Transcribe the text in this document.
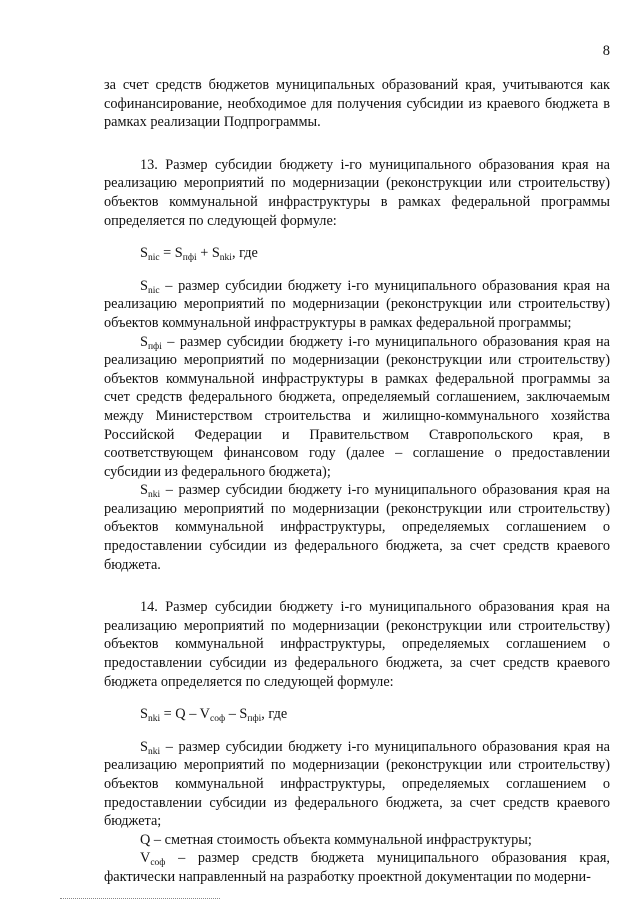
8

за счет средств бюджетов муниципальных образований края, учитываются как софинансирование, необходимое для получения субсидии из краевого бюджета в рамках реализации Подпрограммы.

13. Размер субсидии бюджету i-го муниципального образования края на реализацию мероприятий по модернизации (реконструкции или строительству) объектов коммунальной инфраструктуры в рамках федеральной программы определяется по следующей формуле:

$S_{nic} = S_{пфi} + S_{nki}$, где

$S_{nic}$ – размер субсидии бюджету i-го муниципального образования края на реализацию мероприятий по модернизации (реконструкции или строительству) объектов коммунальной инфраструктуры в рамках федеральной программы;

$S_{пфi}$ – размер субсидии бюджету i-го муниципального образования края на реализацию мероприятий по модернизации (реконструкции или строительству) объектов коммунальной инфраструктуры в рамках федеральной программы за счет средств федерального бюджета, определяемый соглашением, заключаемым между Министерством строительства и жилищно-коммунального хозяйства Российской Федерации и Правительством Ставропольского края, в соответствующем финансовом году (далее – соглашение о предоставлении субсидии из федерального бюджета);

$S_{nki}$ – размер субсидии бюджету i-го муниципального образования края на реализацию мероприятий по модернизации (реконструкции или строительству) объектов коммунальной инфраструктуры, определяемых соглашением о предоставлении субсидии из федерального бюджета, за счет средств краевого бюджета.

14. Размер субсидии бюджету i-го муниципального образования края на реализацию мероприятий по модернизации (реконструкции или строительству) объектов коммунальной инфраструктуры, определяемых соглашением о предоставлении субсидии из федерального бюджета, за счет средств краевого бюджета определяется по следующей формуле:

$S_{nki} = Q - V_{соф} - S_{пфi}$, где

$S_{nki}$ – размер субсидии бюджету i-го муниципального образования края на реализацию мероприятий по модернизации (реконструкции или строительству) объектов коммунальной инфраструктуры, определяемых соглашением о предоставлении субсидии из федерального бюджета, за счет средств краевого бюджета;

Q – сметная стоимость объекта коммунальной инфраструктуры;

$V_{соф}$ – размер средств бюджета муниципального образования края, фактически направленный на разработку проектной документации по модерни-
